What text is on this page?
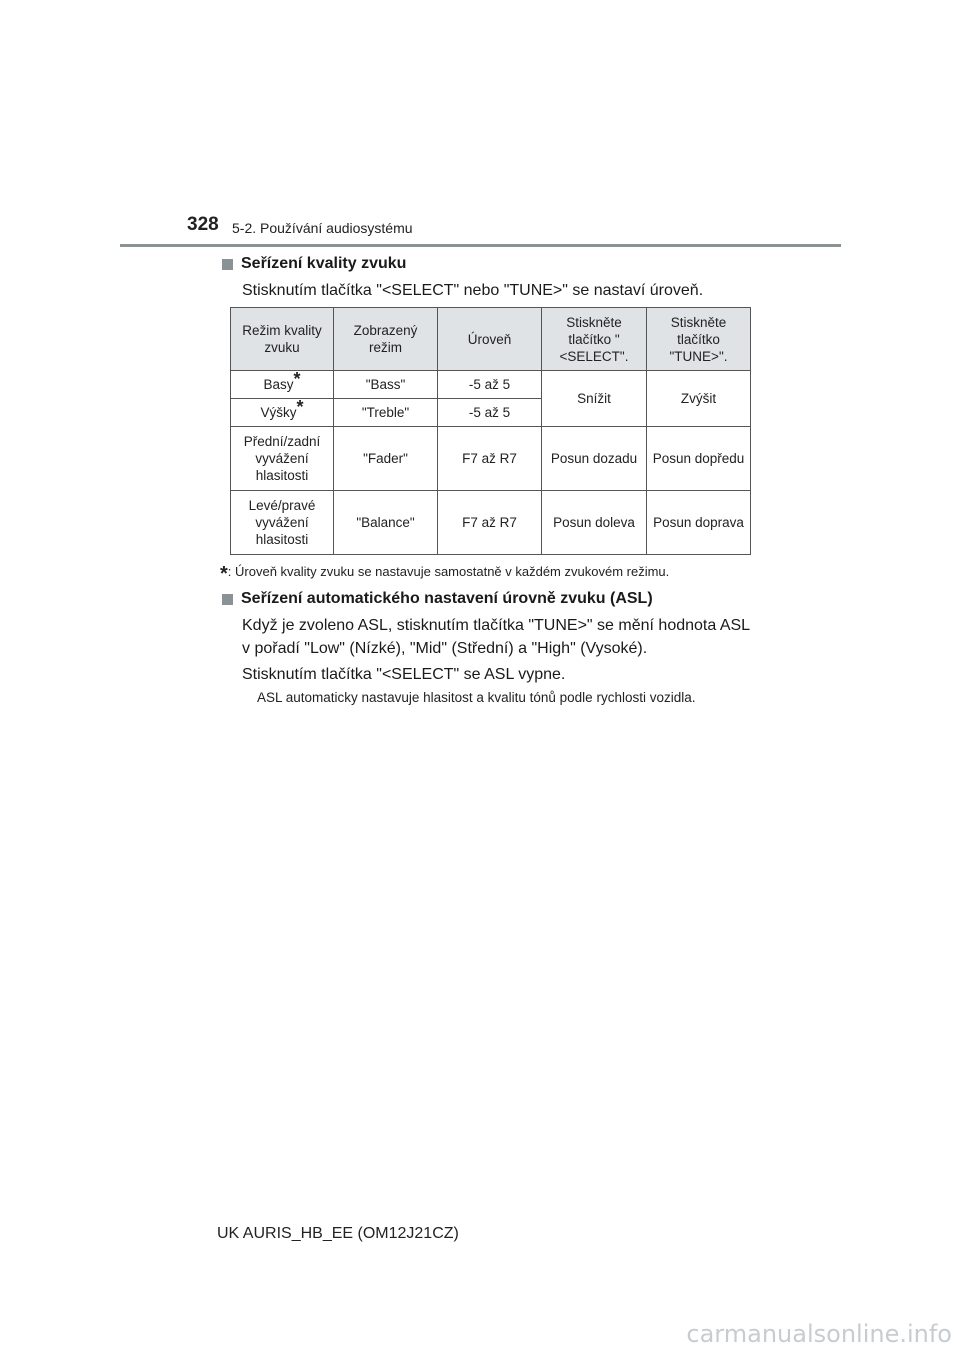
328 5-2. Používání audiosystému
Seřízení kvality zvuku
Stisknutím tlačítka "<SELECT" nebo "TUNE>" se nastaví úroveň.
Režim kvality zvuku	Zobrazený režim	Úroveň	Stiskněte tlačítko "<SELECT".	Stiskněte tlačítko "TUNE>".
Basy*	"Bass"	-5 až 5	Snížit	Zvýšit
Výšky*	"Treble"	-5 až 5		
Přední/zadní vyvážení hlasitosti	"Fader"	F7 až R7	Posun dozadu	Posun dopředu
Levé/pravé vyvážení hlasitosti	"Balance"	F7 až R7	Posun doleva	Posun doprava
*: Úroveň kvality zvuku se nastavuje samostatně v každém zvukovém režimu.
Seřízení automatického nastavení úrovně zvuku (ASL)
Když je zvoleno ASL, stisknutím tlačítka "TUNE>" se mění hodnota ASL v pořadí "Low" (Nízké), "Mid" (Střední) a "High" (Vysoké).
Stisknutím tlačítka "<SELECT" se ASL vypne.
ASL automaticky nastavuje hlasitost a kvalitu tónů podle rychlosti vozidla.
UK AURIS_HB_EE (OM12J21CZ)
carmanualsonline.info
